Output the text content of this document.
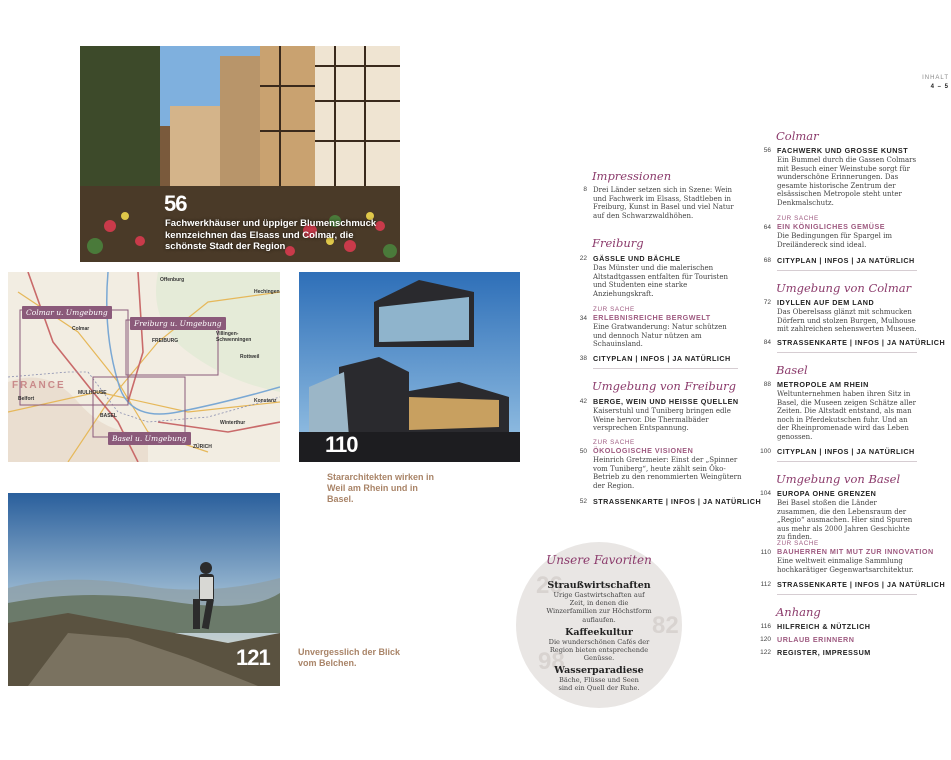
INHALT
4 – 5
56
Fachwerkhäuser und üppiger Blumenschmuck kennzeichnen das Elsass und Colmar, die schönste Stadt der Region
Colmar u. Umgebung
Freiburg u. Umgebung
Basel u. Umgebung
Offenburg
Colmar
FREIBURG
Villingen-Schwenningen
MULHOUSE
BASEL
ZÜRICH
Belfort	Konstanz
Winterthur
Hechingen
Rottweil
FRANCE
110
Stararchitekten wirken in Weil am Rhein und in Basel.
121	Unvergesslich der Blick vom Belchen.
Impressionen
8 Drei Länder setzen sich in Szene: Wein und Fachwerk im Elsass, Stadtleben in Freiburg, Kunst in Basel und viel Natur auf den Schwarzwaldhöhen.
Freiburg
22 GÄSSLE UND BÄCHLE
Das Münster und die malerischen Altstadtgassen entfalten für Touristen und Studenten eine starke Anziehungskraft.
ZUR SACHE
34 ERLEBNISREICHE BERGWELT
Eine Gratwanderung: Natur schützen und dennoch Natur nützen am Schauinsland.
38 CITYPLAN | INFOS | JA NATÜRLICH
Umgebung von Freiburg
42 BERGE, WEIN UND HEISSE QUELLEN
Kaiserstuhl und Tuniberg bringen edle Weine hervor. Die Thermalbäder versprechen Entspannung.
ZUR SACHE
50 ÖKOLOGISCHE VISIONEN
Heinrich Gretzmeier: Einst der „Spinner vom Tuniberg“, heute zählt sein Öko-Betrieb zu den renommierten Weingütern der Region.
52 STRASSENKARTE | INFOS | JA NATÜRLICH
Colmar
56 FACHWERK UND GROSSE KUNST
Ein Bummel durch die Gassen Colmars mit Besuch einer Weinstube sorgt für wunderschöne Erinnerungen. Das gesamte historische Zentrum der elsässischen Metropole steht unter Denkmalschutz.
ZUR SACHE
64 EIN KÖNIGLICHES GEMÜSE
Die Bedingungen für Spargel im Dreiländereck sind ideal.
68 CITYPLAN | INFOS | JA NATÜRLICH
Umgebung von Colmar
72 IDYLLEN AUF DEM LAND
Das Oberelsass glänzt mit schmucken Dörfern und stolzen Burgen, Mulhouse mit zahlreichen sehenswerten Museen.
84 STRASSENKARTE | INFOS | JA NATÜRLICH
Basel
88 METROPOLE AM RHEIN
Weltunternehmen haben ihren Sitz in Basel, die Museen zeigen Schätze aller Zeiten. Die Altstadt entstand, als man noch in Pferdekutschen fuhr. Und an der Rheinpromenade wird das Leben genossen.
100 CITYPLAN | INFOS | JA NATÜRLICH
Umgebung von Basel
104 EUROPA OHNE GRENZEN
Bei Basel stoßen die Länder zusammen, die den Lebensraum der „Regio“ ausmachen. Hier sind Spuren aus mehr als 2000 Jahren Geschichte zu finden.
ZUR SACHE
110 BAUHERREN MIT MUT ZUR INNOVATION
Eine weltweit einmalige Sammlung hochkarätiger Gegenwartsarchitektur.
112 STRASSENKARTE | INFOS | JA NATÜRLICH
Anhang
116 HILFREICH & NÜTZLICH
120 URLAUB ERINNERN
122 REGISTER, IMPRESSUM
26
82
98
Unsere Favoriten
Straußwirtschaften
Urige Gastwirtschaften auf Zeit, in denen die Winzerfamilien zur Höchstform auflaufen.
Kaffeekultur
Die wunderschönen Cafés der Region bieten entsprechende Genüsse.
Wasserparadiese
Bäche, Flüsse und Seen sind ein Quell der Ruhe.
